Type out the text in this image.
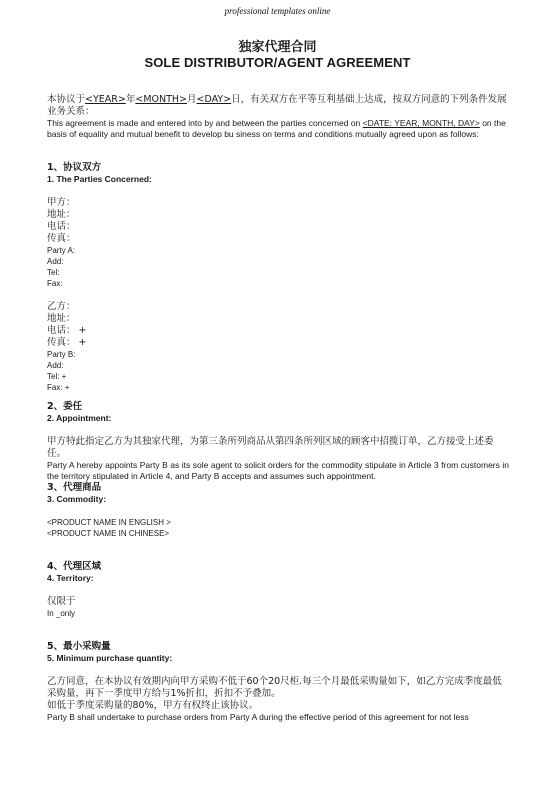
professional templates online
独家代理合同
SOLE DISTRIBUTOR/AGENT AGREEMENT
本协议于<YEAR>年<MONTH>月<DAY>日，有关双方在平等互利基础上达成，按双方同意的下列条件发展业务关系：
This agreement is made and entered into by and between the parties concerned on <DATE: YEAR, MONTH, DAY> on the basis of equality and mutual benefit to develop bu siness on terms and conditions mutually agreed upon as follows:
1、协议双方
1. The Parties Concerned:
甲方：
地址：
电话：
传真：
Party A:
Add:
Tel:
Fax:
乙方：
地址：
电话： +
传真： +
Party B:
Add:
Tel: +
Fax: +
2、委任
2. Appointment:
甲方特此指定乙方为其独家代理，为第三条所列商品从第四条所列区域的顾客中招揽订单，乙方接受上述委任。
Party A hereby appoints Party B as its sole agent to solicit orders for the commodity stipulate in Article 3 from customers in the territory stipulated in Article 4, and Party B accepts and assumes such appointment.
3、代理商品
3. Commodity:
<PRODUCT NAME IN ENGLISH >
<PRODUCT NAME IN CHINESE>
4、代理区域
4. Territory:
仅限于
In _only
5、最小采购量
5. Minimum purchase quantity:
乙方同意，在本协议有效期内向甲方采购不低于60个20尺柜.每三个月最低采购量如下，如乙方完成季度最低采购量，再下一季度甲方给与1%折扣，折扣不予叠加。
如低于季度采购量的80%，甲方有权终止该协议。
Party B shall undertake to purchase orders from Party A during the effective period of this agreement for not less
